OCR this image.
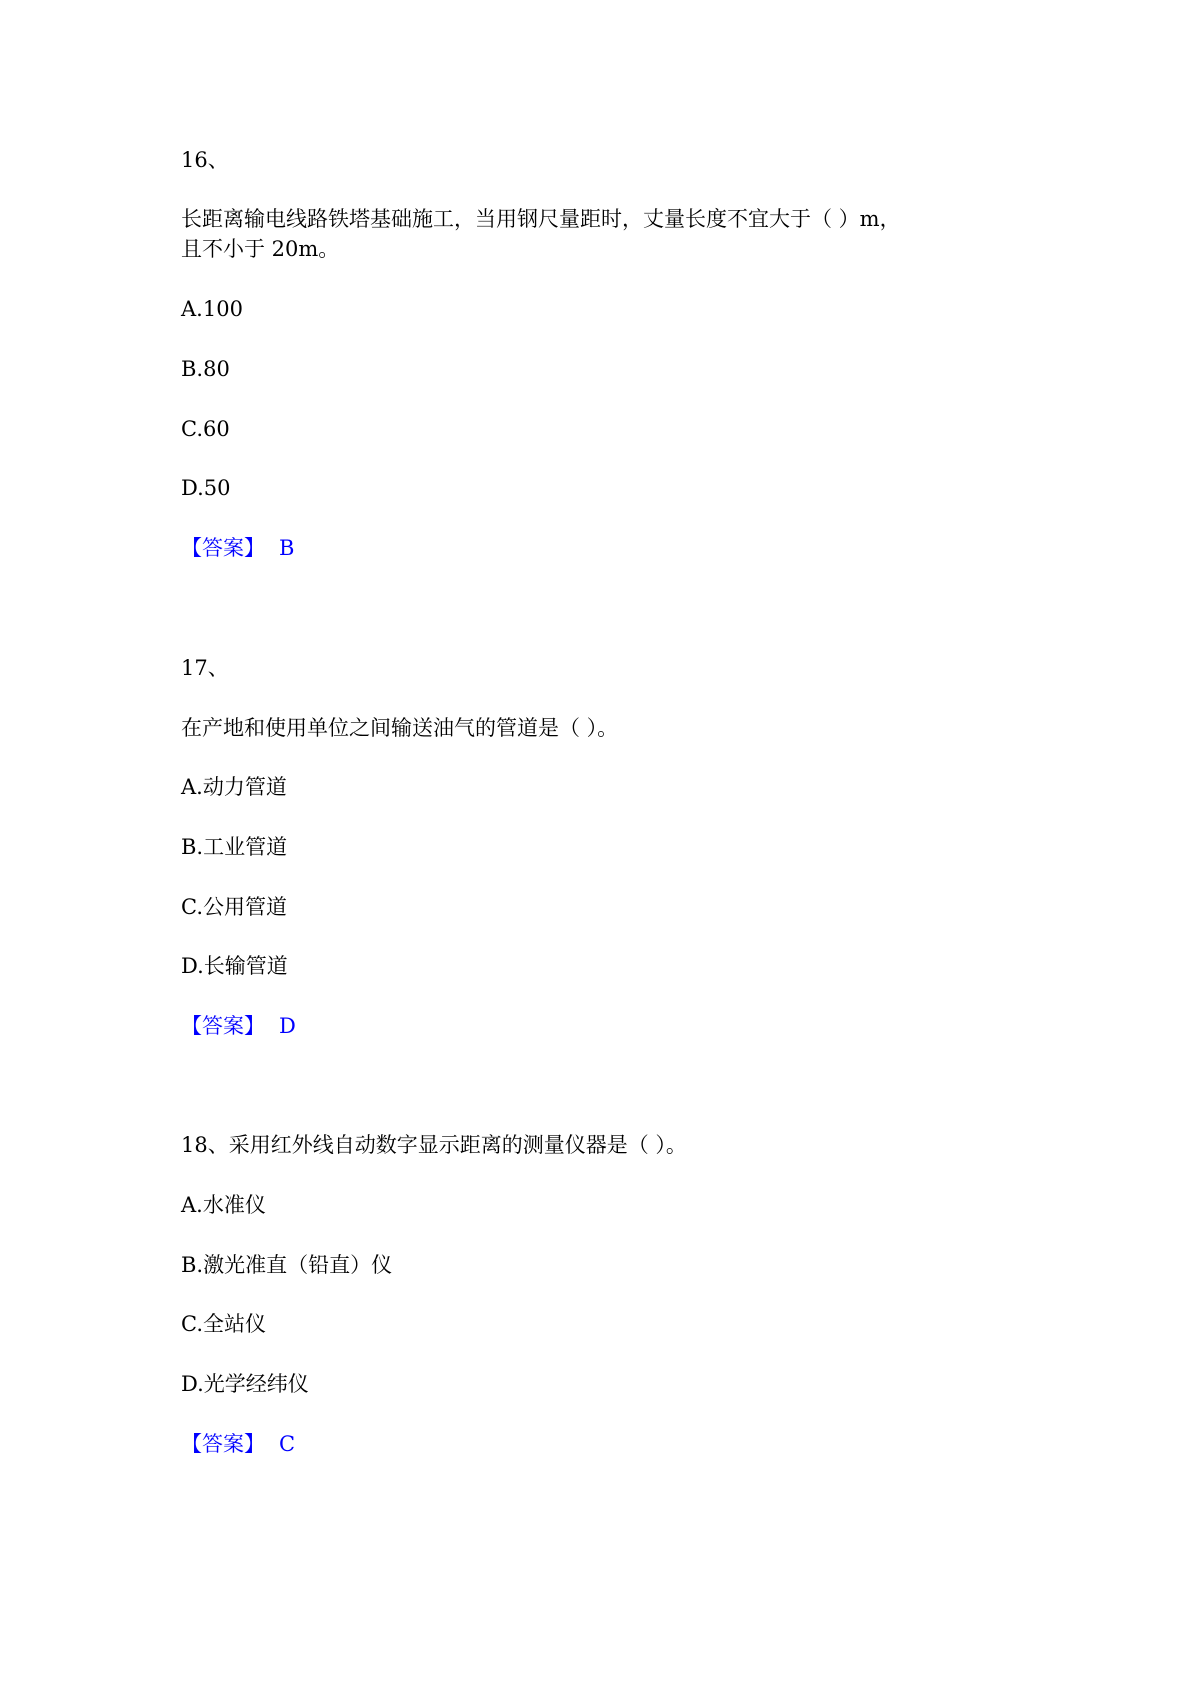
16、

长距离输电线路铁塔基础施工，当用钢尺量距时，丈量长度不宜大于（ ）m，

且不小于 20m。

A.100

B.80

C.60

D.50

【答案】 B

17、

在产地和使用单位之间输送油气的管道是（ ）。

A.动力管道

B.工业管道

C.公用管道

D.长输管道

【答案】 D

18、采用红外线自动数字显示距离的测量仪器是（ ）。

A.水准仪

B.激光准直（铅直）仪

C.全站仪

D.光学经纬仪

【答案】 C
